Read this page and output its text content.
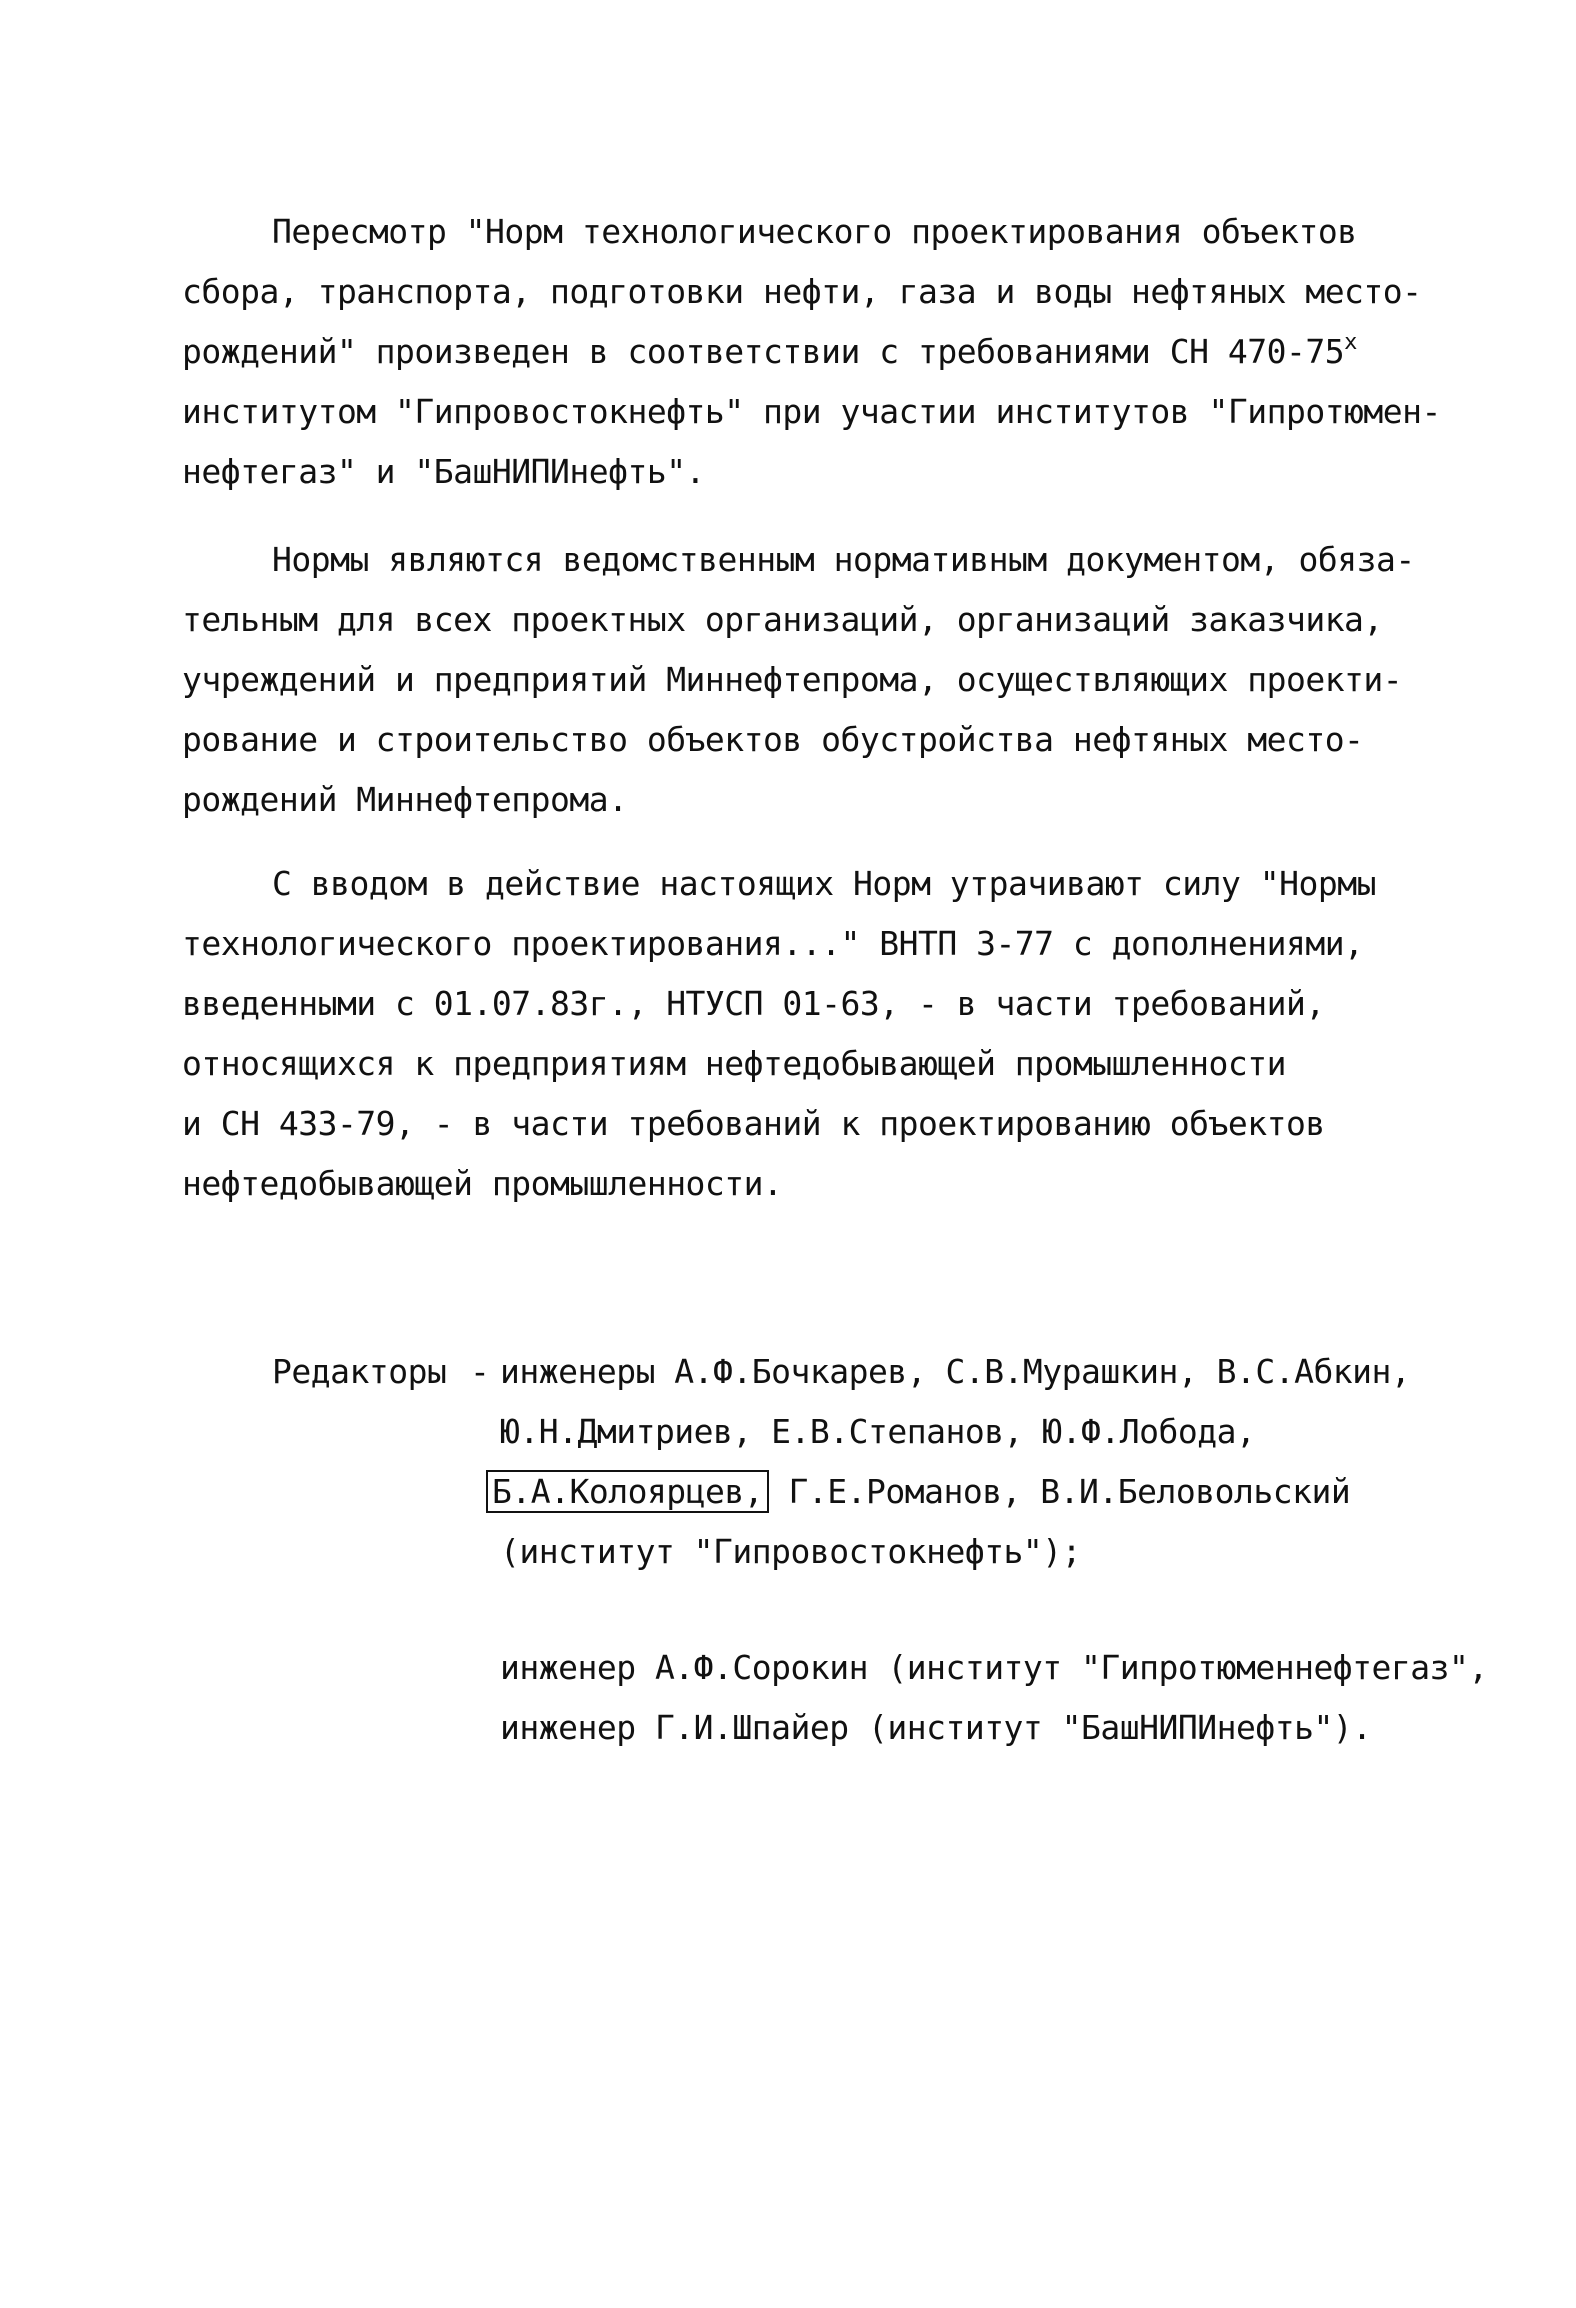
Пересмотр "Норм технологического проектирования объектов
сбора, транспорта, подготовки нефти, газа и воды нефтяных место-
рождений" произведен в соответствии с требованиями СН 470-75$^x$
институтом "Гипровостокнефть" при участии институтов "Гипротюмен-
нефтегаз" и "БашНИПИнефть".
Нормы являются ведомственным нормативным документом, обяза-
тельным для всех проектных организаций, организаций заказчика,
учреждений и предприятий Миннефтепрома, осуществляющих проекти-
рование и строительство объектов обустройства нефтяных место-
рождений Миннефтепрома.
С вводом в действие настоящих Норм утрачивают силу "Нормы
технологического проектирования..." ВНТП 3-77 с дополнениями,
введенными с 01.07.83г., НТУСП 01-63, - в части требований,
относящихся к предприятиям нефтедобывающей промышленности
и СН 433-79, - в части требований к проектированию объектов
нефтедобывающей промышленности.
Редакторы - инженеры А.Ф.Бочкарев, С.В.Мурашкин, В.С.Абкин,
Ю.Н.Дмитриев, Е.В.Степанов, Ю.Ф.Лобода,
Б.А.Колоярцев, Г.Е.Романов, В.И.Беловольский
(институт "Гипровостокнефть");
инженер А.Ф.Сорокин (институт "Гипротюменнефтегаз",
инженер Г.И.Шпайер (институт "БашНИПИнефть").
